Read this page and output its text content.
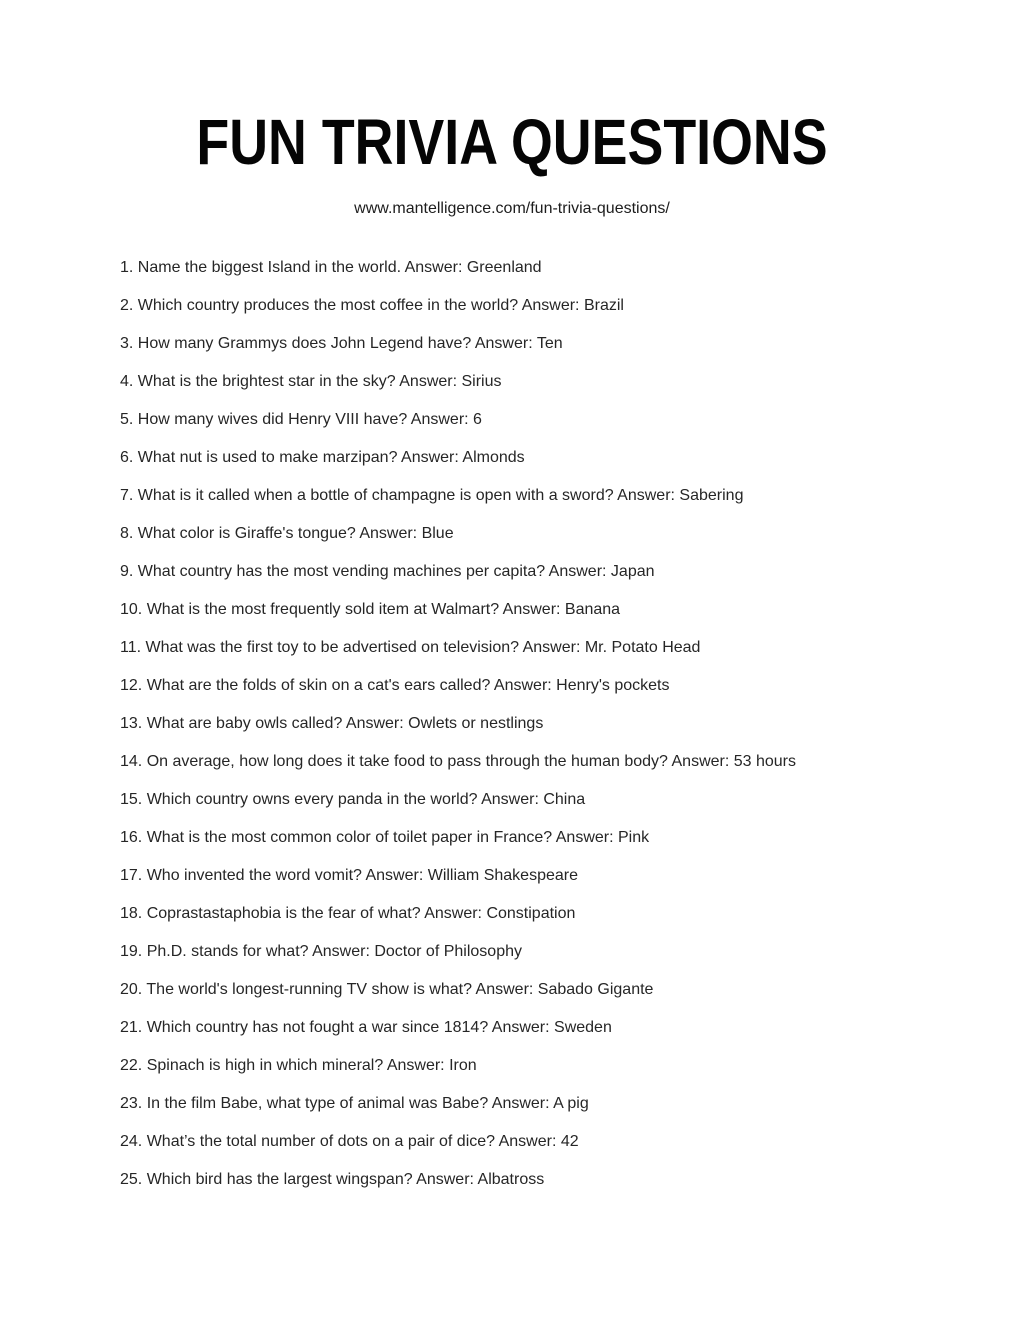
FUN TRIVIA QUESTIONS
www.mantelligence.com/fun-trivia-questions/
1. Name the biggest Island in the world. Answer: Greenland
2. Which country produces the most coffee in the world? Answer: Brazil
3. How many Grammys does John Legend have? Answer: Ten
4. What is the brightest star in the sky? Answer: Sirius
5. How many wives did Henry VIII have? Answer: 6
6. What nut is used to make marzipan? Answer: Almonds
7. What is it called when a bottle of champagne is open with a sword? Answer: Sabering
8. What color is Giraffe's tongue? Answer: Blue
9. What country has the most vending machines per capita? Answer: Japan
10. What is the most frequently sold item at Walmart? Answer: Banana
11. What was the first toy to be advertised on television? Answer: Mr. Potato Head
12. What are the folds of skin on a cat's ears called? Answer: Henry's pockets
13. What are baby owls called? Answer: Owlets or nestlings
14. On average, how long does it take food to pass through the human body? Answer: 53 hours
15. Which country owns every panda in the world? Answer: China
16. What is the most common color of toilet paper in France? Answer: Pink
17. Who invented the word vomit? Answer: William Shakespeare
18. Coprastastaphobia is the fear of what? Answer: Constipation
19. Ph.D. stands for what? Answer: Doctor of Philosophy
20. The world's longest-running TV show is what? Answer: Sabado Gigante
21. Which country has not fought a war since 1814? Answer: Sweden
22. Spinach is high in which mineral? Answer: Iron
23. In the film Babe, what type of animal was Babe? Answer: A pig
24. What’s the total number of dots on a pair of dice? Answer: 42
25. Which bird has the largest wingspan? Answer: Albatross
